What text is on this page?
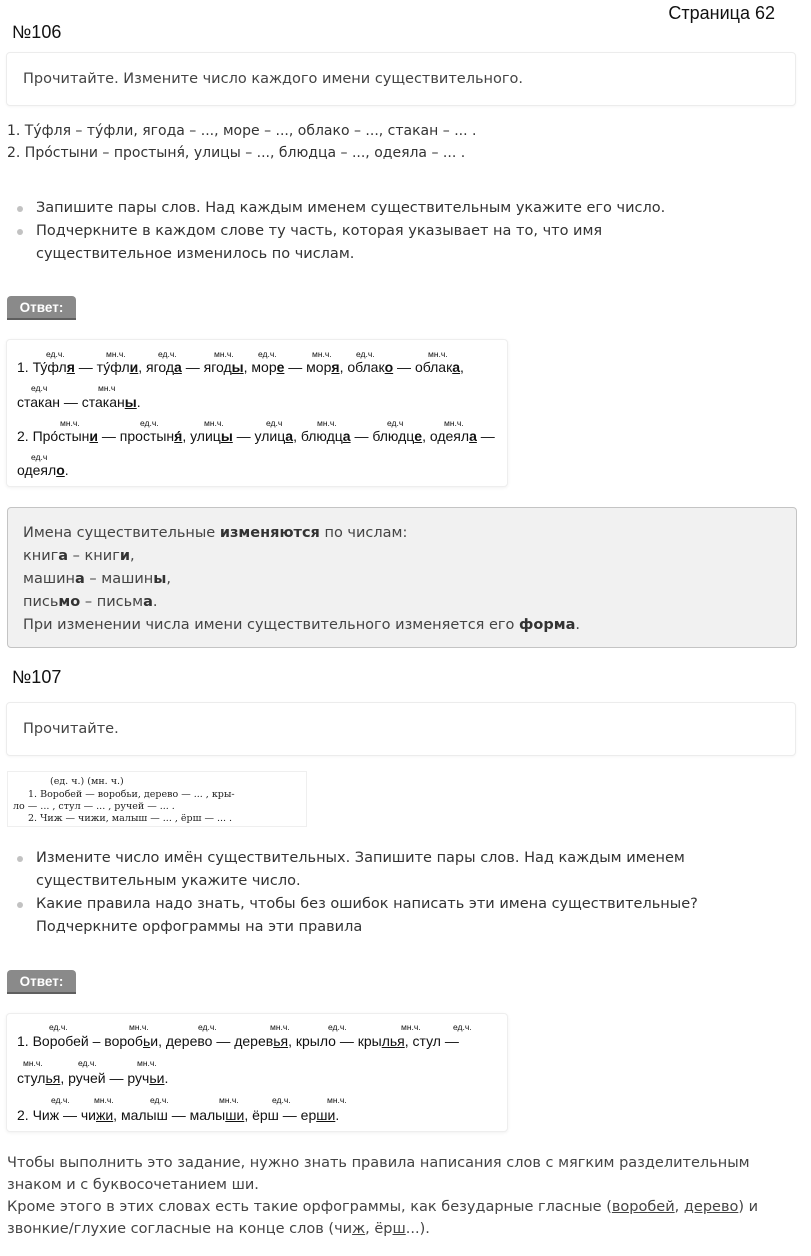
Страница 62
№106
Прочитайте. Измените число каждого имени существительного.
1. Ту́фля – ту́фли, ягода – ..., море – ..., облако – ..., стакан – ... .
2. Про́стыни – простыня́, улицы – ..., блюдца – ..., одеяла – ... .
Запишите пары слов. Над каждым именем существительным укажите его число.
Подчеркните в каждом слове ту часть, которая указывает на то, что имя существительное изменилось по числам.
Ответ:
ед.ч.	мн.ч.	ед.ч.	мн.ч.	ед.ч.	мн.ч.	ед.ч.	мн.ч.
1. Ту́фля — ту́фли, ягода — ягоды, море — моря, облако — облака,
ед.ч	мн.ч
стакан — стаканы.
мн.ч.	ед.ч.	мн.ч.	ед.ч	мн.ч.	ед.ч	мн.ч.
2. Про́стыни — простыня́, улицы — улица, блюдца — блюдце, одеяла —
ед.ч
одеяло.
Имена существительные изменяются по числам:
книга – книги,
машина – машины,
письмо – письма.
При изменении числа имени существительного изменяется его форма.
№107
Прочитайте.
(ед. ч.) (мн. ч.)
1. Воробей — воробьи, дерево — ... , кры-
ло — ... , стул — ... , ручей — ... .
2. Чиж — чижи, малыш — ... , ёрш — ... .
Измените число имён существительных. Запишите пары слов. Над каждым именем существительным укажите число.
Какие правила надо знать, чтобы без ошибок написать эти имена существительные? Подчеркните орфограммы на эти правила
Ответ:
ед.ч.	мн.ч.	ед.ч.	мн.ч.	ед.ч.	мн.ч.	ед.ч.
1. Воробей – воробьи, дерево — деревья, крыло — крылья, стул —
мн.ч.	ед.ч.	мн.ч.
стулья, ручей — ручьи.
ед.ч.	мн.ч.	ед.ч.	мн.ч.	ед.ч.	мн.ч.
2. Чиж — чижи, малыш — малыши, ёрш — ерши.
Чтобы выполнить это задание, нужно знать правила написания слов с мягким разделительным знаком и с буквосочетанием ши.
Кроме этого в этих словах есть такие орфограммы, как безударные гласные (воробей, дерево) и звонкие/глухие согласные на конце слов (чиж, ёрш...).
